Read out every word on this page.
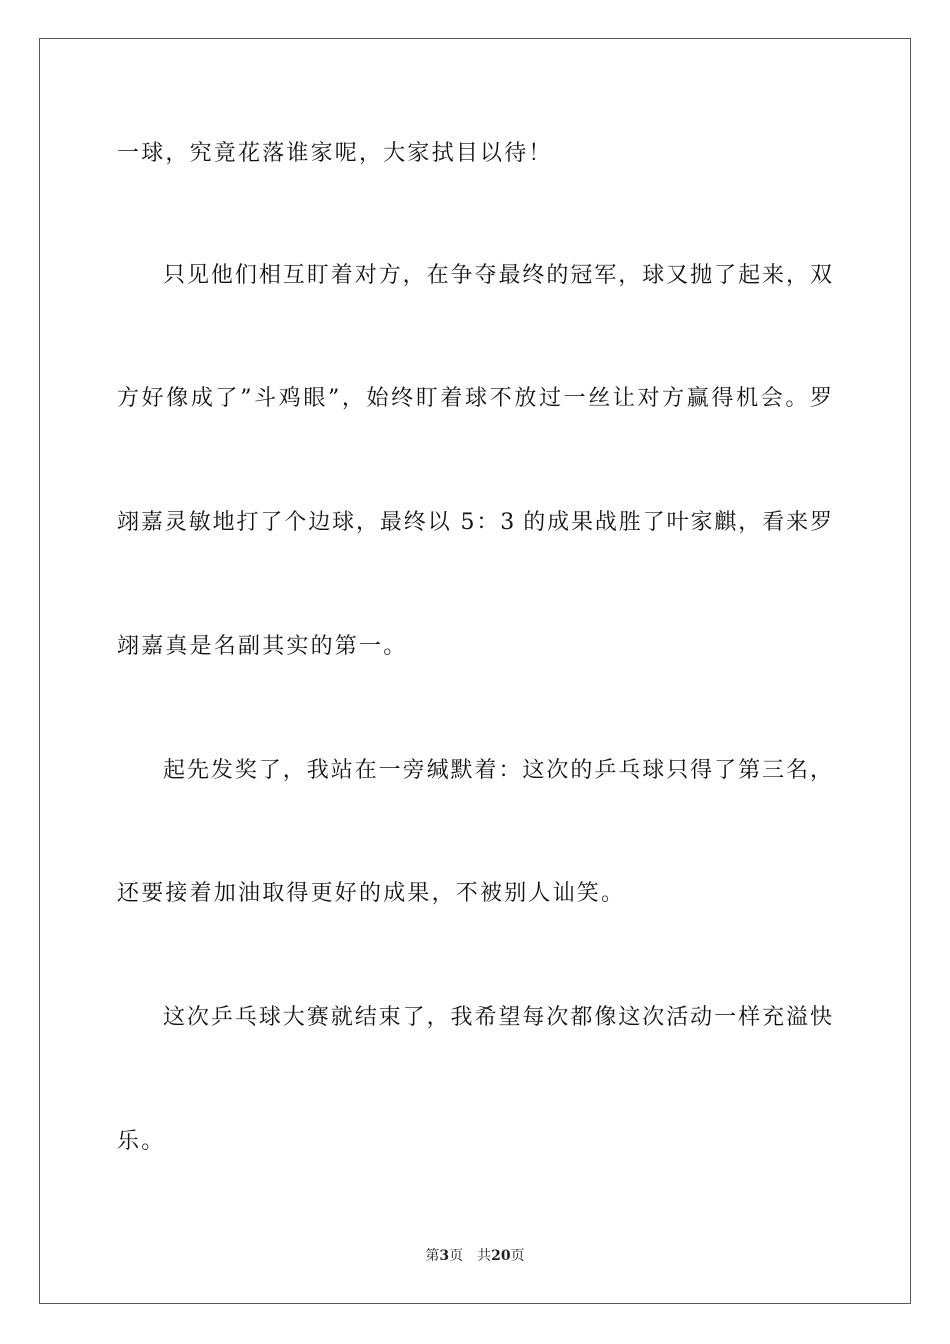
一球，究竟花落谁家呢，大家拭目以待！
只见他们相互盯着对方，在争夺最终的冠军，球又抛了起来，双
方好像成了”斗鸡眼”，始终盯着球不放过一丝让对方赢得机会。罗
翊嘉灵敏地打了个边球，最终以 5：3 的成果战胜了叶家麒，看来罗
翊嘉真是名副其实的第一。
起先发奖了，我站在一旁缄默着：这次的乒乓球只得了第三名，
还要接着加油取得更好的成果，不被别人讪笑。
这次乒乓球大赛就结束了，我希望每次都像这次活动一样充溢快
乐。
第3页 共20页
